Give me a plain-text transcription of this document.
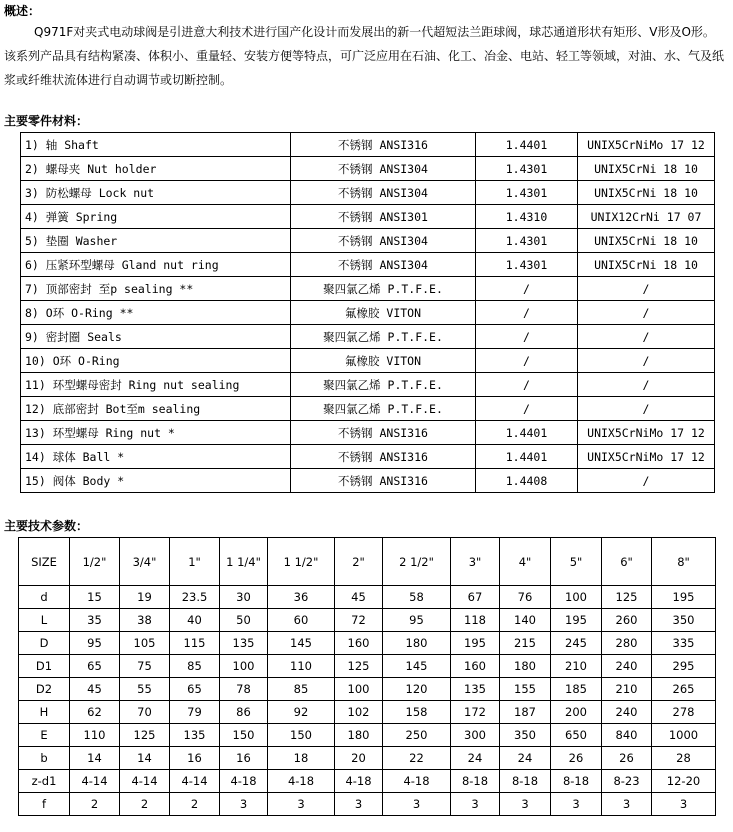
概述：

Q971F对夹式电动球阀是引进意大利技术进行国产化设计而发展出的新一代超短法兰距球阀，球芯通道形状有矩形、V形及O形。该系列产品具有结构紧凑、体积小、重量轻、安装方便等特点，可广泛应用在石油、化工、冶金、电站、轻工等领域，对油、水、气及纸浆或纤维状流体进行自动调节或切断控制。

主要零件材料：
1) 轴 Shaft	不锈钢 ANSI316	1.4401	UNIX5CrNiMo 17 12
2) 螺母夹 Nut holder	不锈钢 ANSI304	1.4301	UNIX5CrNi 18 10
3) 防松螺母 Lock nut	不锈钢 ANSI304	1.4301	UNIX5CrNi 18 10
4) 弹簧 Spring	不锈钢 ANSI301	1.4310	UNIX12CrNi 17 07
5) 垫圈 Washer	不锈钢 ANSI304	1.4301	UNIX5CrNi 18 10
6) 压紧环型螺母 Gland nut ring	不锈钢 ANSI304	1.4301	UNIX5CrNi 18 10
7) 顶部密封 至p sealing **	聚四氯乙烯 P.T.F.E.	/	/
8) O环 O-Ring **	氟橡胶 VITON	/	/
9) 密封圈 Seals	聚四氯乙烯 P.T.F.E.	/	/
10) O环 O-Ring	氟橡胶 VITON	/	/
11) 环型螺母密封 Ring nut sealing	聚四氯乙烯 P.T.F.E.	/	/
12) 底部密封 Bot至m sealing	聚四氯乙烯 P.T.F.E.	/	/
13) 环型螺母 Ring nut *	不锈钢 ANSI316	1.4401	UNIX5CrNiMo 17 12
14) 球体 Ball *	不锈钢 ANSI316	1.4401	UNIX5CrNiMo 17 12
15) 阀体 Body *	不锈钢 ANSI316	1.4408	/
主要技术参数：
SIZE	1/2"	3/4"	1"	1 1/4"	1 1/2"	2"	2 1/2"	3"	4"	5"	6"	8"
d	15	19	23.5	30	36	45	58	67	76	100	125	195
L	35	38	40	50	60	72	95	118	140	195	260	350
D	95	105	115	135	145	160	180	195	215	245	280	335
D1	65	75	85	100	110	125	145	160	180	210	240	295
D2	45	55	65	78	85	100	120	135	155	185	210	265
H	62	70	79	86	92	102	158	172	187	200	240	278
E	110	125	135	150	150	180	250	300	350	650	840	1000
b	14	14	16	16	18	20	22	24	24	26	26	28
z-d1	4-14	4-14	4-14	4-18	4-18	4-18	4-18	8-18	8-18	8-18	8-23	12-20
f	2	2	2	3	3	3	3	3	3	3	3	3
